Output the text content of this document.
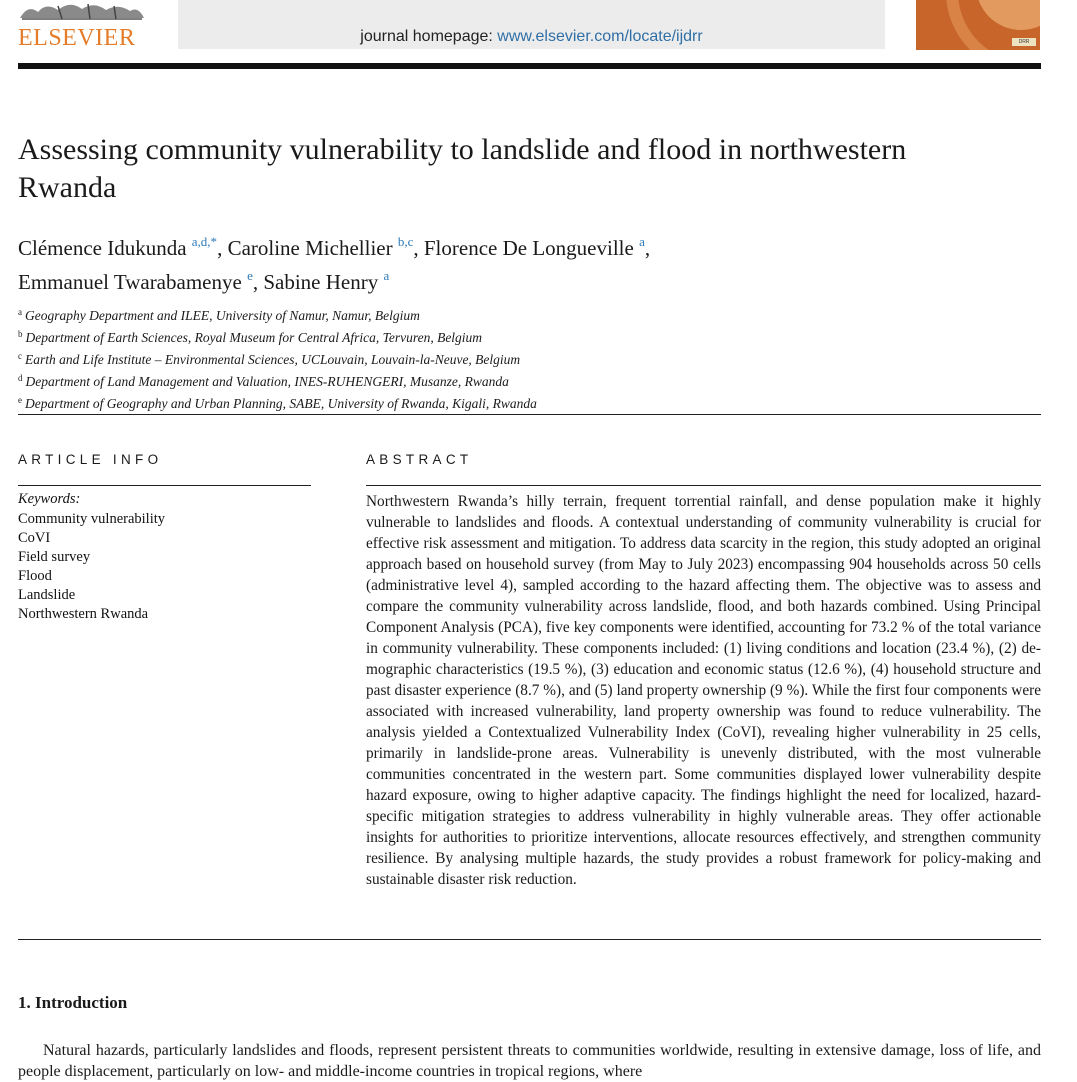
ELSEVIER	journal homepage: www.elsevier.com/locate/ijdrr	DRR
Assessing community vulnerability to landslide and flood in northwestern Rwanda
Clémence Idukunda $^{a,d,*}$, Caroline Michellier $^{b,c}$, Florence De Longueville $^a$,
Emmanuel Twarabamenye $^e$, Sabine Henry $^a$
$^a$ Geography Department and ILEE, University of Namur, Namur, Belgium
$^b$ Department of Earth Sciences, Royal Museum for Central Africa, Tervuren, Belgium
$^c$ Earth and Life Institute – Environmental Sciences, UCLouvain, Louvain-la-Neuve, Belgium
$^d$ Department of Land Management and Valuation, INES-RUHENGERI, Musanze, Rwanda
$^e$ Department of Geography and Urban Planning, SABE, University of Rwanda, Kigali, Rwanda
ARTICLE INFO
Keywords:
Community vulnerability
CoVI
Field survey
Flood
Landslide
Northwestern Rwanda
ABSTRACT
Northwestern Rwanda’s hilly terrain, frequent torrential rainfall, and dense population make it highly vulnerable to landslides and floods. A contextual understanding of community vulnerability is crucial for effective risk assessment and mitigation. To address data scarcity in the region, this study adopted an original approach based on household survey (from May to July 2023) encompassing 904 households across 50 cells (administrative level 4), sampled according to the hazard affecting them. The objective was to assess and compare the community vulnerability across landslide, flood, and both hazards combined. Using Principal Component Analysis (PCA), five key components were identified, accounting for 73.2 % of the total variance in community vulnerability. These components included: (1) living conditions and location (23.4 %), (2) demographic characteristics (19.5 %), (3) education and economic status (12.6 %), (4) household structure and past disaster experience (8.7 %), and (5) land property ownership (9 %). While the first four components were associated with increased vulnerability, land property ownership was found to reduce vulnerability. The analysis yielded a Contextualized Vulnerability Index (CoVI), revealing higher vulnerability in 25 cells, primarily in landslide-prone areas. Vulnerability is unevenly distributed, with the most vulnerable communities concentrated in the western part. Some communities displayed lower vulnerability despite hazard exposure, owing to higher adaptive capacity. The findings highlight the need for localized, hazard-specific mitigation strategies to address vulnerability in highly vulnerable areas. They offer actionable insights for authorities to prioritize interventions, allocate resources effectively, and strengthen community resilience. By analysing multiple hazards, the study provides a robust framework for policy-making and sustainable disaster risk reduction.
1. Introduction
Natural hazards, particularly landslides and floods, represent persistent threats to communities worldwide, resulting in extensive damage, loss of life, and people displacement, particularly on low- and middle-income countries in tropical regions, where
